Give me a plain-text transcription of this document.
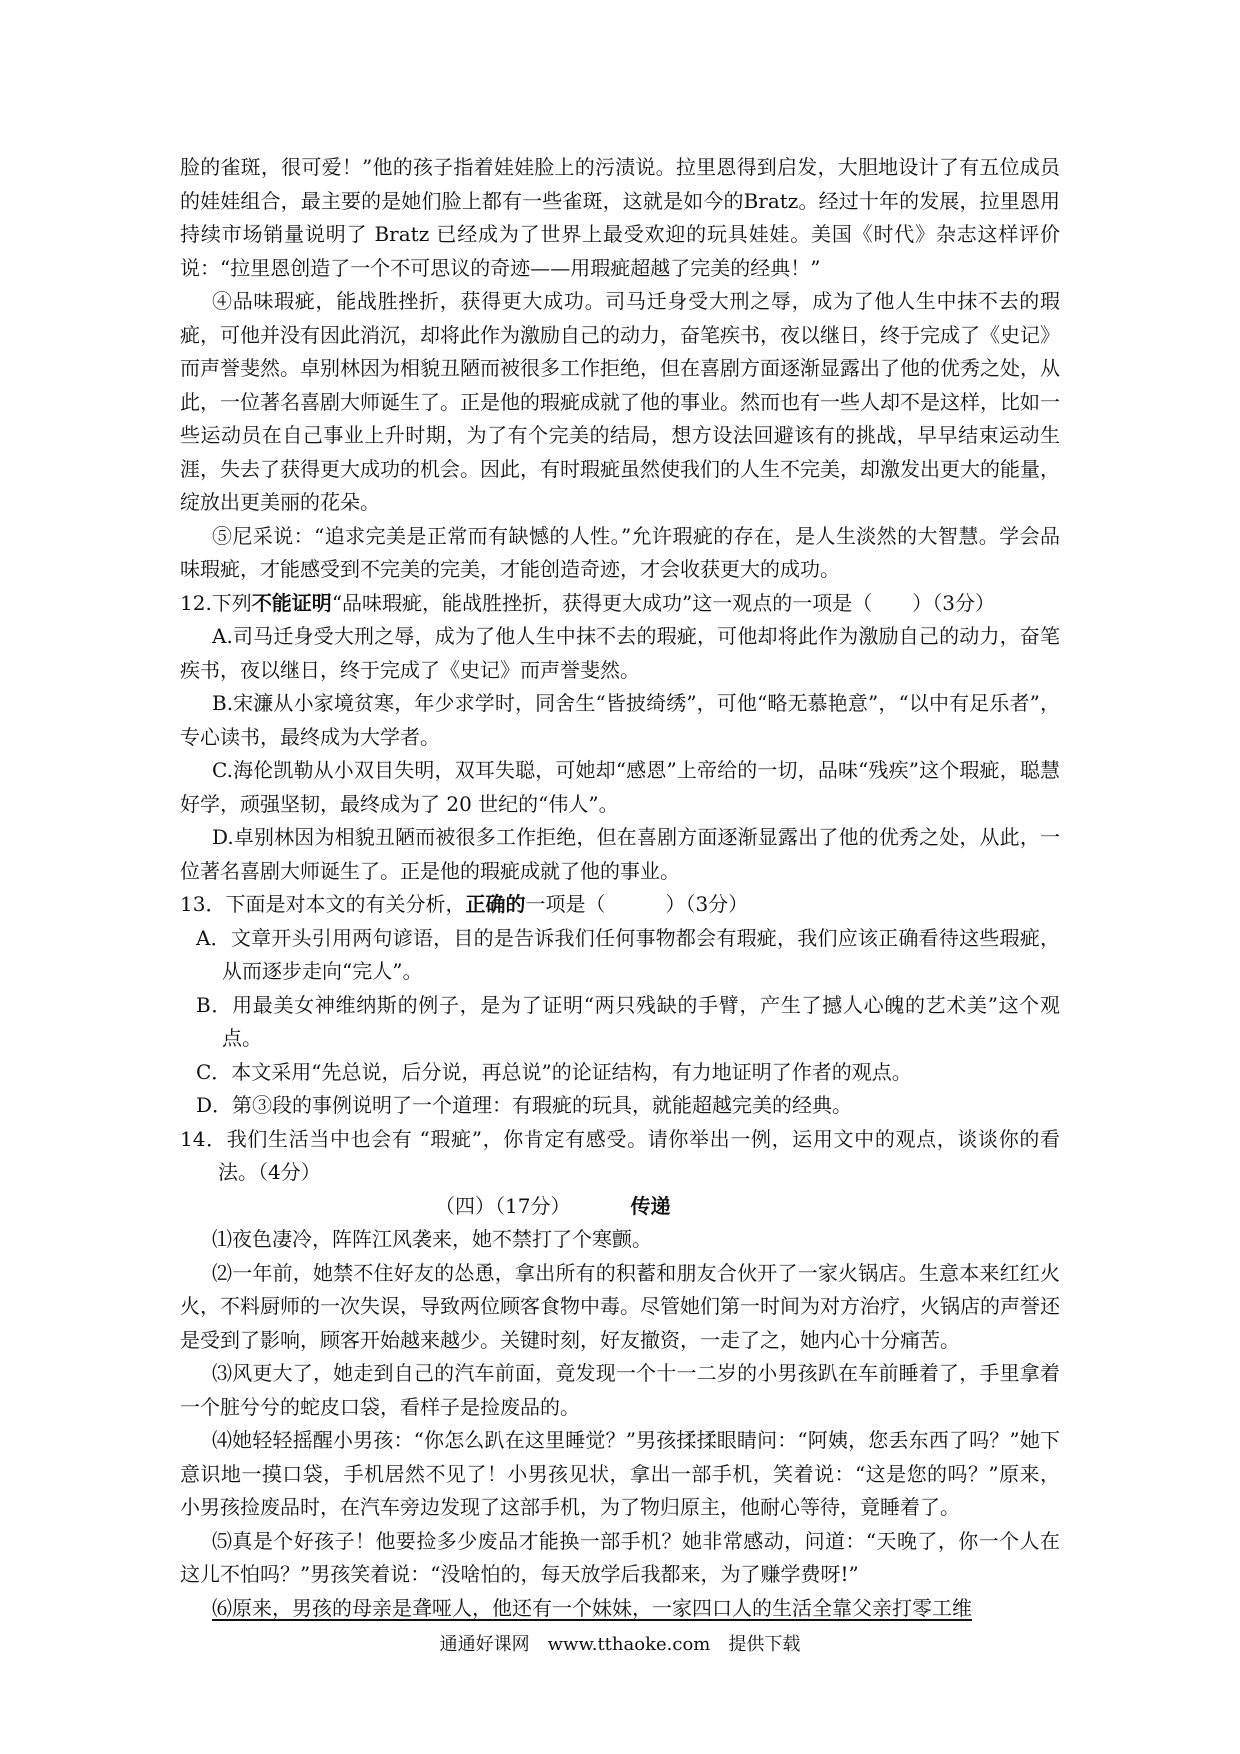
脸的雀斑，很可爱！”他的孩子指着娃娃脸上的污渍说。拉里恩得到启发，大胆地设计了有五位成员的娃娃组合，最主要的是她们脸上都有一些雀斑，这就是如今的Bratz。经过十年的发展，拉里恩用持续市场销量说明了 Bratz 已经成为了世界上最受欢迎的玩具娃娃。美国《时代》杂志这样评价说：“拉里恩创造了一个不可思议的奇迹——用瑕疵超越了完美的经典！”

④品味瑕疵，能战胜挫折，获得更大成功。司马迁身受大刑之辱，成为了他人生中抹不去的瑕疵，可他并没有因此消沉，却将此作为激励自己的动力，奋笔疾书，夜以继日，终于完成了《史记》而声誉斐然。卓别林因为相貌丑陋而被很多工作拒绝，但在喜剧方面逐渐显露出了他的优秀之处，从此，一位著名喜剧大师诞生了。正是他的瑕疵成就了他的事业。然而也有一些人却不是这样，比如一些运动员在自己事业上升时期，为了有个完美的结局，想方设法回避该有的挑战，早早结束运动生涯，失去了获得更大成功的机会。因此，有时瑕疵虽然使我们的人生不完美，却激发出更大的能量，绽放出更美丽的花朵。

⑤尼采说：“追求完美是正常而有缺憾的人性。”允许瑕疵的存在，是人生淡然的大智慧。学会品味瑕疵，才能感受到不完美的完美，才能创造奇迹，才会收获更大的成功。

12.下列不能证明“品味瑕疵，能战胜挫折，获得更大成功”这一观点的一项是（　　）（3分）

A.司马迁身受大刑之辱，成为了他人生中抹不去的瑕疵，可他却将此作为激励自己的动力，奋笔疾书，夜以继日，终于完成了《史记》而声誉斐然。

B.宋濂从小家境贫寒，年少求学时，同舍生“皆披绮绣”，可他“略无慕艳意”，“以中有足乐者”，专心读书，最终成为大学者。

C.海伦凯勒从小双目失明，双耳失聪，可她却“感恩”上帝给的一切，品味“残疾”这个瑕疵，聪慧好学，顽强坚韧，最终成为了 20 世纪的“伟人”。

D.卓别林因为相貌丑陋而被很多工作拒绝，但在喜剧方面逐渐显露出了他的优秀之处，从此，一位著名喜剧大师诞生了。正是他的瑕疵成就了他的事业。

13．下面是对本文的有关分析，正确的一项是（　　　）（3分）

A．文章开头引用两句谚语，目的是告诉我们任何事物都会有瑕疵，我们应该正确看待这些瑕疵，从而逐步走向“完人”。

B．用最美女神维纳斯的例子，是为了证明“两只残缺的手臂，产生了撼人心魄的艺术美”这个观点。

C．本文采用“先总说，后分说，再总说”的论证结构，有力地证明了作者的观点。

D．第③段的事例说明了一个道理：有瑕疵的玩具，就能超越完美的经典。

14．我们生活当中也会有 “瑕疵”，你肯定有感受。请你举出一例，运用文中的观点，谈谈你的看法。（4分）

（四）（17分）	传递

⑴夜色凄冷，阵阵江风袭来，她不禁打了个寒颤。

⑵一年前，她禁不住好友的怂恿，拿出所有的积蓄和朋友合伙开了一家火锅店。生意本来红红火火，不料厨师的一次失误，导致两位顾客食物中毒。尽管她们第一时间为对方治疗，火锅店的声誉还是受到了影响，顾客开始越来越少。关键时刻，好友撤资，一走了之，她内心十分痛苦。

⑶风更大了，她走到自己的汽车前面，竟发现一个十一二岁的小男孩趴在车前睡着了，手里拿着一个脏兮兮的蛇皮口袋，看样子是捡废品的。

⑷她轻轻摇醒小男孩：“你怎么趴在这里睡觉？”男孩揉揉眼睛问：“阿姨，您丢东西了吗？”她下意识地一摸口袋，手机居然不见了！小男孩见状，拿出一部手机，笑着说：“这是您的吗？”原来，小男孩捡废品时，在汽车旁边发现了这部手机，为了物归原主，他耐心等待，竟睡着了。

⑸真是个好孩子！他要捡多少废品才能换一部手机？她非常感动，问道：“天晚了，你一个人在这儿不怕吗？”男孩笑着说：“没啥怕的，每天放学后我都来，为了赚学费呀!”

⑹原来，男孩的母亲是聋哑人，他还有一个妹妹，一家四口人的生活全靠父亲打零工维

通通好课网　www.tthaoke.com　提供下载
